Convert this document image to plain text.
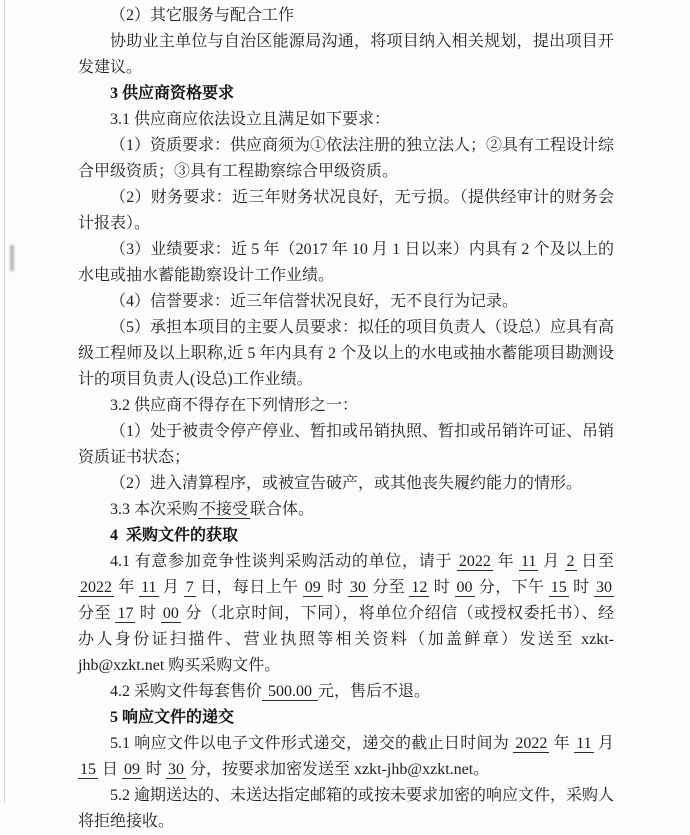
（2）其它服务与配合工作

协助业主单位与自治区能源局沟通，将项目纳入相关规划，提出项目开发建议。

3 供应商资格要求

3.1 供应商应依法设立且满足如下要求：

（1）资质要求：供应商须为①依法注册的独立法人；②具有工程设计综合甲级资质；③具有工程勘察综合甲级资质。

（2）财务要求：近三年财务状况良好，无亏损。（提供经审计的财务会计报表）。

（3）业绩要求：近 5 年（2017 年 10 月 1 日以来）内具有 2 个及以上的水电或抽水蓄能勘察设计工作业绩。

（4）信誉要求：近三年信誉状况良好，无不良行为记录。

（5）承担本项目的主要人员要求：拟任的项目负责人（设总）应具有高级工程师及以上职称,近 5 年内具有 2 个及以上的水电或抽水蓄能项目勘测设计的项目负责人(设总)工作业绩。

3.2 供应商不得存在下列情形之一：

（1）处于被责令停产停业、暂扣或吊销执照、暂扣或吊销许可证、吊销资质证书状态；

（2）进入清算程序，或被宣告破产，或其他丧失履约能力的情形。

3.3 本次采购 不接受 联合体。

4  采购文件的获取

4.1 有意参加竞争性谈判采购活动的单位，请于 2022 年 11 月 2 日至 2022 年 11 月 7 日，每日上午 09 时 30 分至 12 时 00 分，下午 15 时 30 分至 17 时 00 分（北京时间，下同），将单位介绍信（或授权委托书）、经办人身份证扫描件、营业执照等相关资料（加盖鲜章）发送至 xzkt-jhb@xzkt.net 购买采购文件。

4.2 采购文件每套售价 500.00 元，售后不退。

5 响应文件的递交

5.1 响应文件以电子文件形式递交，递交的截止日时间为 2022 年 11 月 15 日 09 时 30 分，按要求加密发送至 xzkt-jhb@xzkt.net。

5.2 逾期送达的、未送达指定邮箱的或按未要求加密的响应文件，采购人将拒绝接收。
